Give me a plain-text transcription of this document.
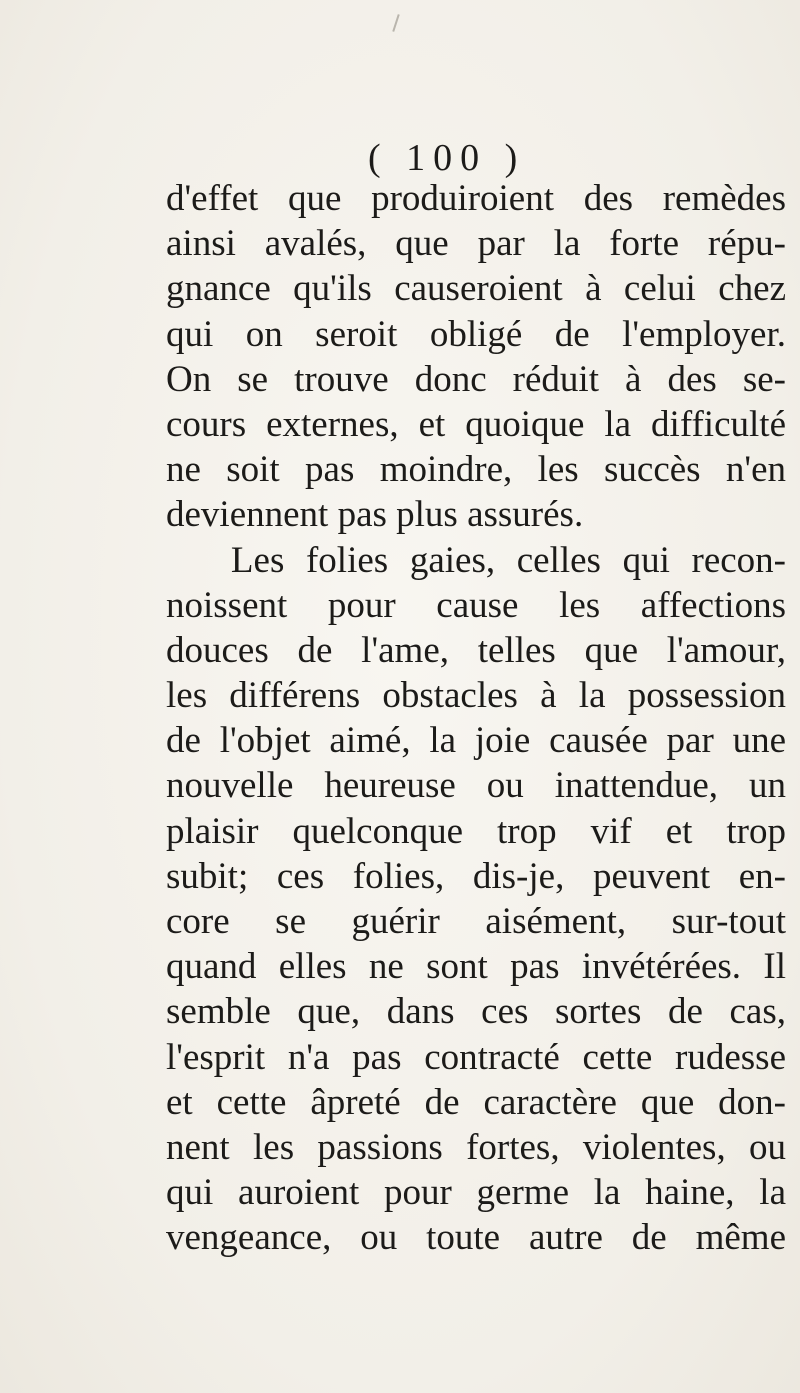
( 100 )
d'effet que produiroient des remèdes
ainsi avalés, que par la forte répu-
gnance qu'ils causeroient à celui chez
qui on seroit obligé de l'employer.
On se trouve donc réduit à des se-
cours externes, et quoique la difficulté
ne soit pas moindre, les succès n'en
deviennent pas plus assurés.
Les folies gaies, celles qui recon-
noissent pour cause les affections
douces de l'ame, telles que l'amour,
les différens obstacles à la possession
de l'objet aimé, la joie causée par une
nouvelle heureuse ou inattendue, un
plaisir quelconque trop vif et trop
subit; ces folies, dis-je, peuvent en-
core se guérir aisément, sur-tout
quand elles ne sont pas invétérées. Il
semble que, dans ces sortes de cas,
l'esprit n'a pas contracté cette rudesse
et cette âpreté de caractère que don-
nent les passions fortes, violentes, ou
qui auroient pour germe la haine, la
vengeance, ou toute autre de même
